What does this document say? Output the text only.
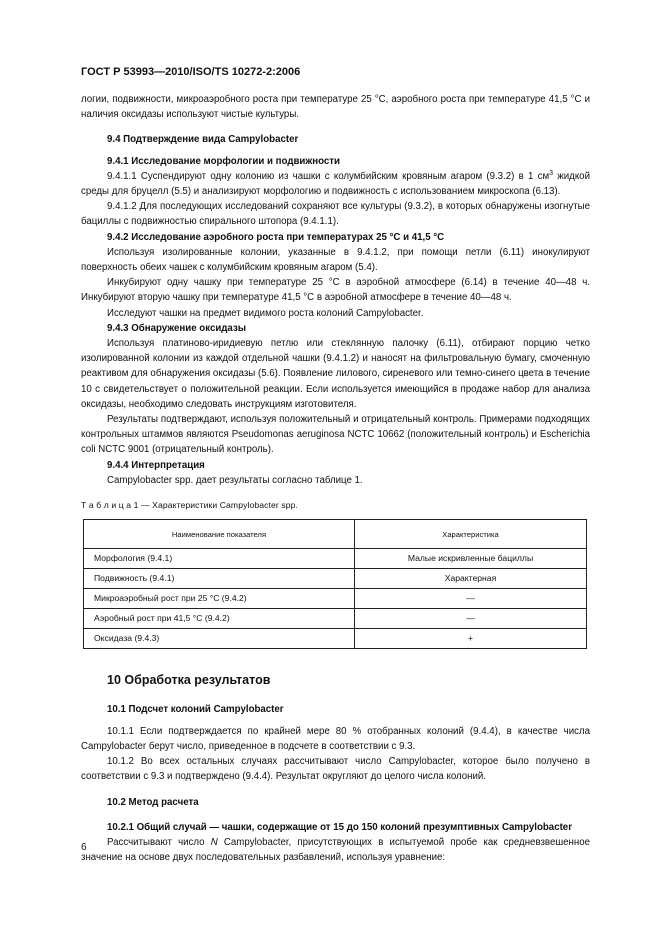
ГОСТ Р 53993—2010/ISO/TS 10272-2:2006

логии, подвижности, микроаэробного роста при температуре 25 °С, аэробного роста при температуре 41,5 °С и наличия оксидазы используют чистые культуры.

9.4 Подтверждение вида Campylobacter

9.4.1 Исследование морфологии и подвижности

9.4.1.1 Суспендируют одну колонию из чашки с колумбийским кровяным агаром (9.3.2) в 1 $см^3$ жидкой среды для бруцелл (5.5) и анализируют морфологию и подвижность с использованием микроскопа (6.13).

9.4.1.2 Для последующих исследований сохраняют все культуры (9.3.2), в которых обнаружены изогнутые бациллы с подвижностью спирального штопора (9.4.1.1).

9.4.2 Исследование аэробного роста при температурах 25 °С и 41,5 °С

Используя изолированные колонии, указанные в 9.4.1.2, при помощи петли (6.11) инокулируют поверхность обеих чашек с колумбийским кровяным агаром (5.4).

Инкубируют одну чашку при температуре 25 °С в аэробной атмосфере (6.14) в течение 40—48 ч. Инкубируют вторую чашку при температуре 41,5 °С в аэробной атмосфере в течение 40—48 ч.

Исследуют чашки на предмет видимого роста колоний Campylobacter.

9.4.3 Обнаружение оксидазы

Используя платиново-иридиевую петлю или стеклянную палочку (6.11), отбирают порцию четко изолированной колонии из каждой отдельной чашки (9.4.1.2) и наносят на фильтровальную бумагу, смоченную реактивом для обнаружения оксидазы (5.6). Появление лилового, сиреневого или темно-синего цвета в течение 10 с свидетельствует о положительной реакции. Если используется имеющийся в продаже набор для анализа оксидазы, необходимо следовать инструкциям изготовителя.

Результаты подтверждают, используя положительный и отрицательный контроль. Примерами подходящих контрольных штаммов являются Pseudomonas aeruginosa NCTC 10662 (положительный контроль) и Escherichia coli NCTC 9001 (отрицательный контроль).

9.4.4 Интерпретация

Campylobacter spp. дает результаты согласно таблице 1.

Т а б л и ц а 1 — Характеристики Campylobacter spp.

Наименование показателя	Характеристика
Морфология (9.4.1)	Малые искривленные бациллы
Подвижность (9.4.1)	Характерная
Микроаэробный рост при 25 °С (9.4.2)	—
Аэробный рост при 41,5 °С (9.4.2)	—
Оксидаза (9.4.3)	+

10 Обработка результатов

10.1 Подсчет колоний Campylobacter

10.1.1 Если подтверждается по крайней мере 80 % отобранных колоний (9.4.4), в качестве числа Campylobacter берут число, приведенное в подсчете в соответствии с 9.3.

10.1.2 Во всех остальных случаях рассчитывают число Campylobacter, которое было получено в соответствии с 9.3 и подтверждено (9.4.4). Результат округляют до целого числа колоний.

10.2 Метод расчета

10.2.1 Общий случай — чашки, содержащие от 15 до 150 колоний презумптивных Campylobacter

Рассчитывают число N Campylobacter, присутствующих в испытуемой пробе как средневзвешенное значение на основе двух последовательных разбавлений, используя уравнение:

6
